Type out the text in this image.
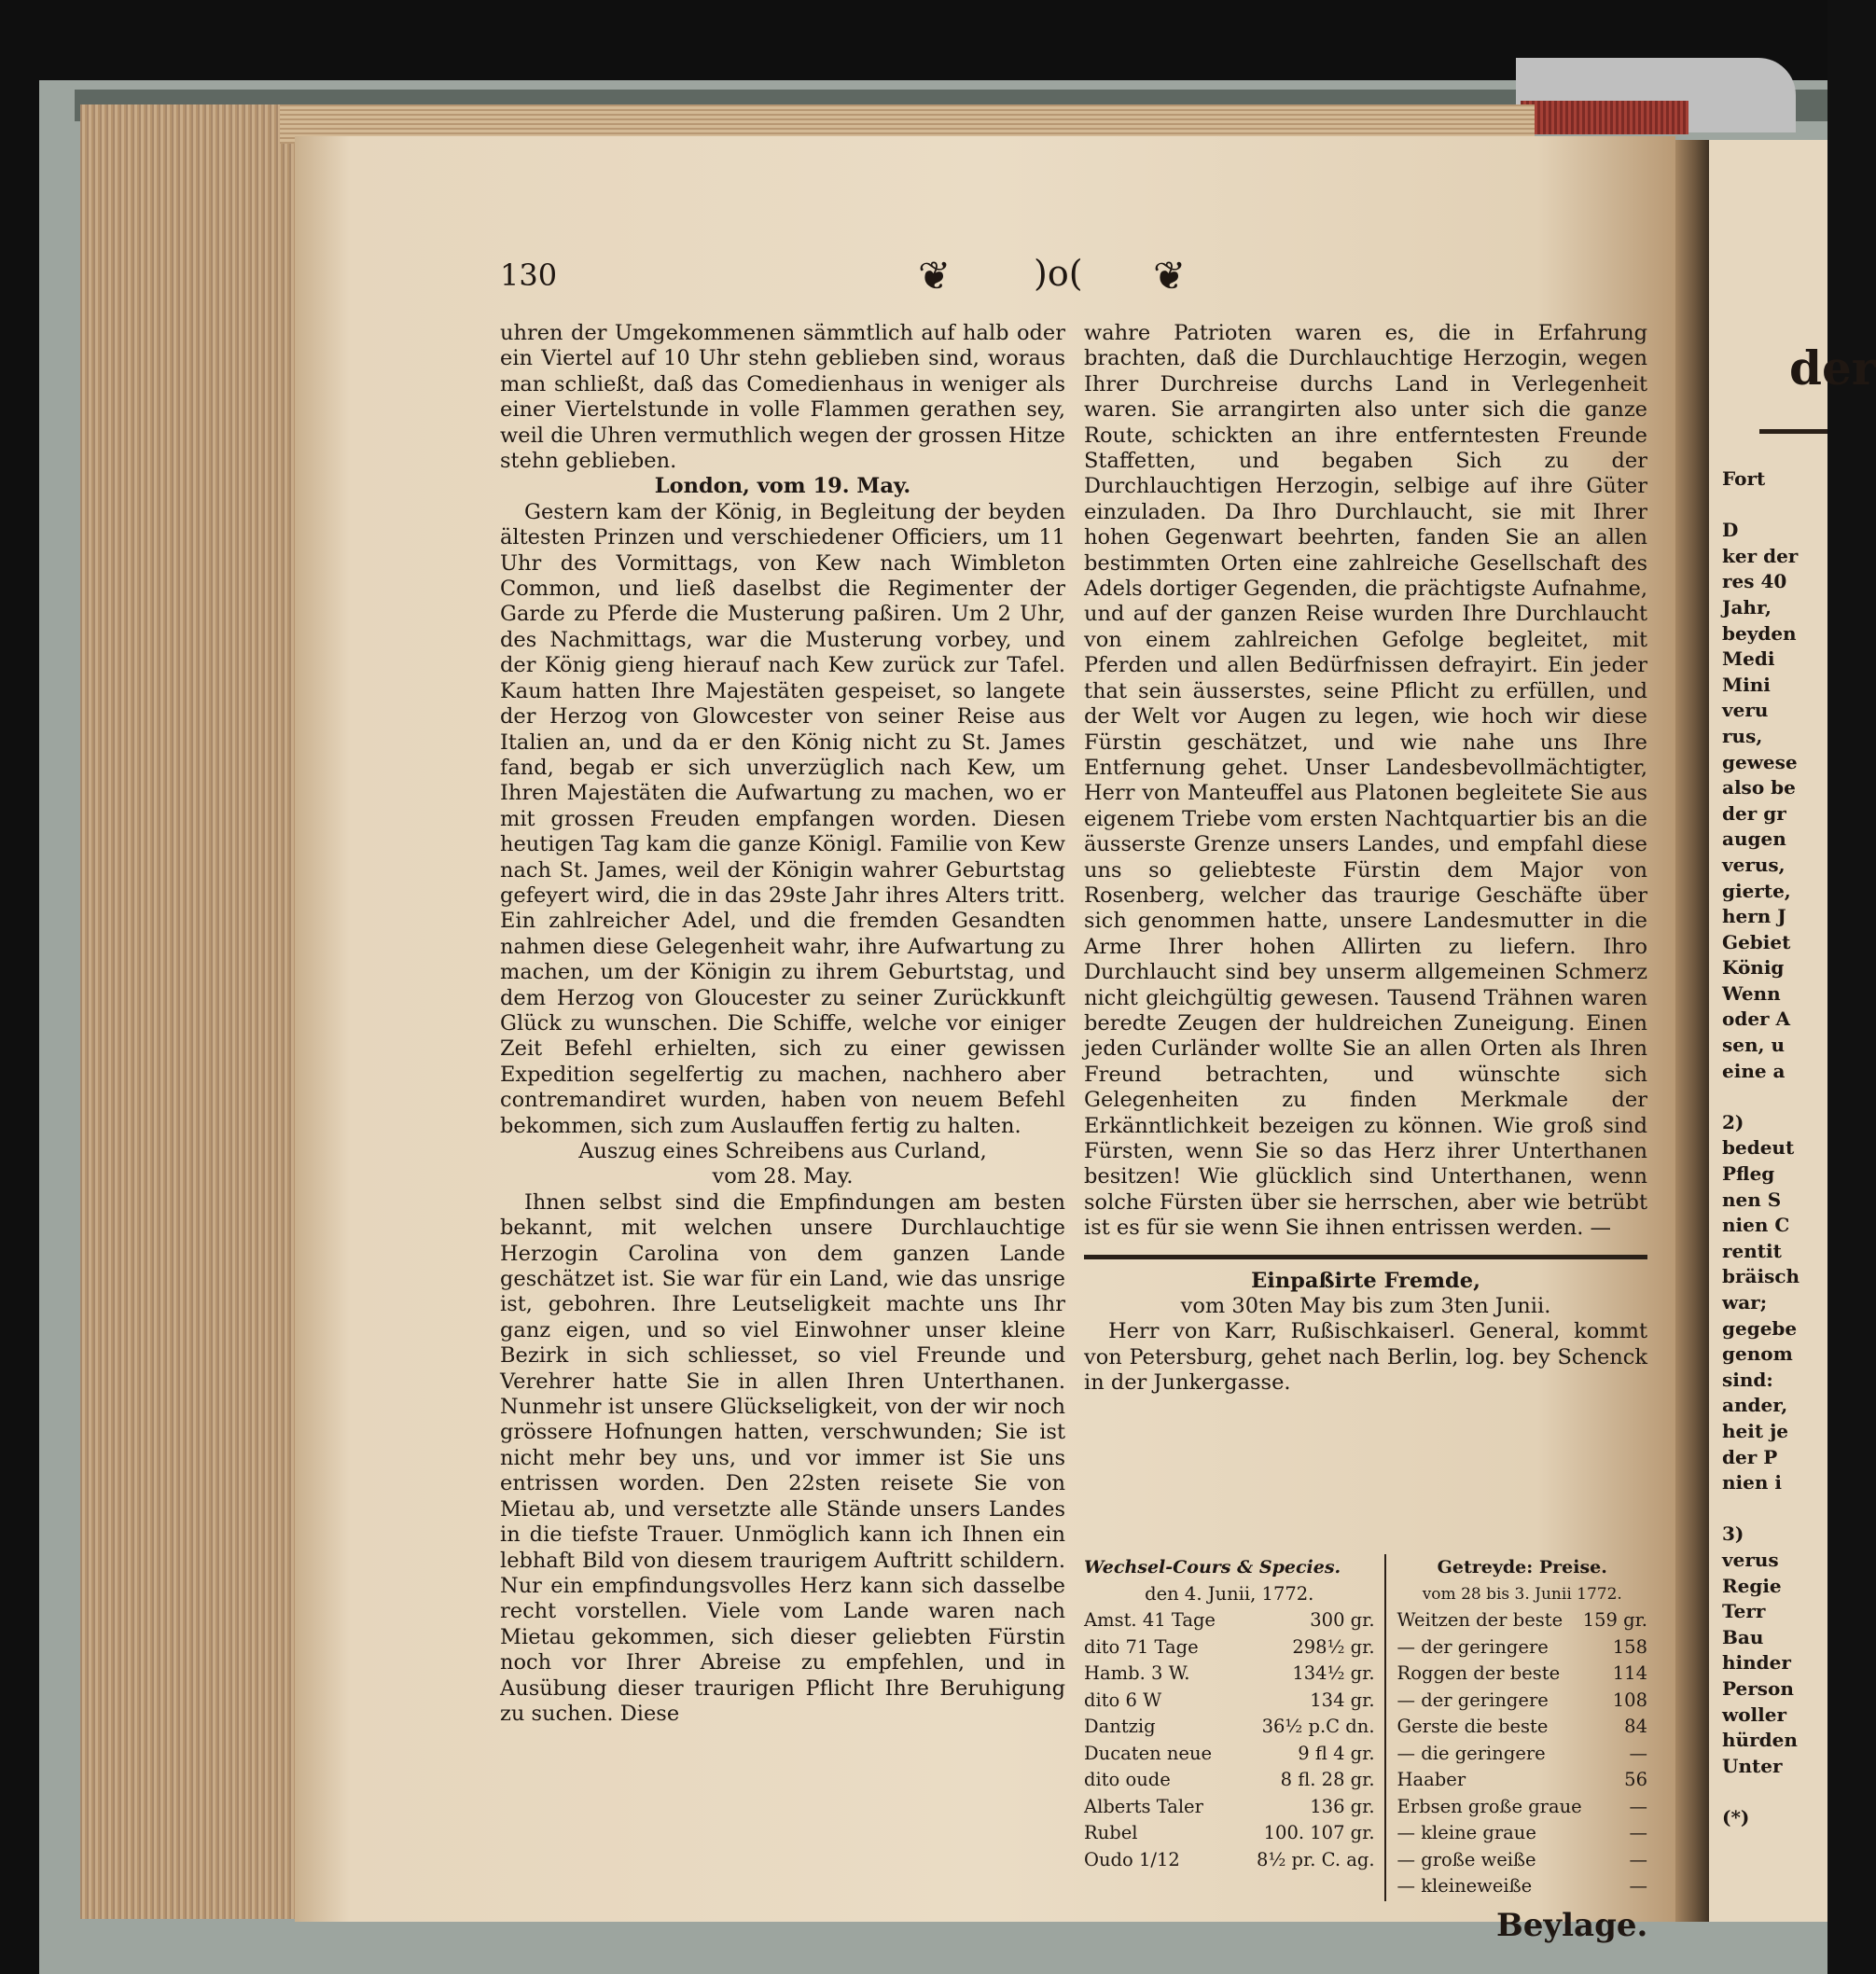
130	❦ )o( ❦

uhren der Umgekommenen sämmtlich auf halb oder ein Viertel auf 10 Uhr stehn geblieben sind, woraus man schließt, daß das Comedienhaus in weniger als einer Viertelstunde in volle Flammen gerathen sey, weil die Uhren vermuthlich wegen der grossen Hitze stehn geblieben.

London, vom 19. May.

Gestern kam der König, in Begleitung der beyden ältesten Prinzen und verschiedener Officiers, um 11 Uhr des Vormittags, von Kew nach Wimbleton Common, und ließ daselbst die Regimenter der Garde zu Pferde die Musterung paßiren. Um 2 Uhr, des Nachmittags, war die Musterung vorbey, und der König gieng hierauf nach Kew zurück zur Tafel. Kaum hatten Ihre Majestäten gespeiset, so langete der Herzog von Glowcester von seiner Reise aus Italien an, und da er den König nicht zu St. James fand, begab er sich unverzüglich nach Kew, um Ihren Majestäten die Aufwartung zu machen, wo er mit grossen Freuden empfangen worden. Diesen heutigen Tag kam die ganze Königl. Familie von Kew nach St. James, weil der Königin wahrer Geburtstag gefeyert wird, die in das 29ste Jahr ihres Alters tritt. Ein zahlreicher Adel, und die fremden Gesandten nahmen diese Gelegenheit wahr, ihre Aufwartung zu machen, um der Königin zu ihrem Geburtstag, und dem Herzog von Gloucester zu seiner Zurückkunft Glück zu wunschen. Die Schiffe, welche vor einiger Zeit Befehl erhielten, sich zu einer gewissen Expedition segelfertig zu machen, nachhero aber contremandiret wurden, haben von neuem Befehl bekommen, sich zum Auslauffen fertig zu halten.

Auszug eines Schreibens aus Curland,

vom 28. May.

Ihnen selbst sind die Empfindungen am besten bekannt, mit welchen unsere Durchlauchtige Herzogin Carolina von dem ganzen Lande geschätzet ist. Sie war für ein Land, wie das unsrige ist, gebohren. Ihre Leutseligkeit machte uns Ihr ganz eigen, und so viel Einwohner unser kleine Bezirk in sich schliesset, so viel Freunde und Verehrer hatte Sie in allen Ihren Unterthanen. Nunmehr ist unsere Glückseligkeit, von der wir noch grössere Hofnungen hatten, verschwunden; Sie ist nicht mehr bey uns, und vor immer ist Sie uns entrissen worden. Den 22sten reisete Sie von Mietau ab, und versetzte alle Stände unsers Landes in die tiefste Trauer. Unmöglich kann ich Ihnen ein lebhaft Bild von diesem traurigem Auftritt schildern. Nur ein empfindungsvolles Herz kann sich dasselbe recht vorstellen. Viele vom Lande waren nach Mietau gekommen, sich dieser geliebten Fürstin noch vor Ihrer Abreise zu empfehlen, und in Ausübung dieser traurigen Pflicht Ihre Beruhigung zu suchen. Diese

wahre Patrioten waren es, die in Erfahrung brachten, daß die Durchlauchtige Herzogin, wegen Ihrer Durchreise durchs Land in Verlegenheit waren. Sie arrangirten also unter sich die ganze Route, schickten an ihre entferntesten Freunde Staffetten, und begaben Sich zu der Durchlauchtigen Herzogin, selbige auf ihre Güter einzuladen. Da Ihro Durchlaucht, sie mit Ihrer hohen Gegenwart beehrten, fanden Sie an allen bestimmten Orten eine zahlreiche Gesellschaft des Adels dortiger Gegenden, die prächtigste Aufnahme, und auf der ganzen Reise wurden Ihre Durchlaucht von einem zahlreichen Gefolge begleitet, mit Pferden und allen Bedürfnissen defrayirt. Ein jeder that sein äusserstes, seine Pflicht zu erfüllen, und der Welt vor Augen zu legen, wie hoch wir diese Fürstin geschätzet, und wie nahe uns Ihre Entfernung gehet. Unser Landesbevollmächtigter, Herr von Manteuffel aus Platonen begleitete Sie aus eigenem Triebe vom ersten Nachtquartier bis an die äusserste Grenze unsers Landes, und empfahl diese uns so geliebteste Fürstin dem Major von Rosenberg, welcher das traurige Geschäfte über sich genommen hatte, unsere Landesmutter in die Arme Ihrer hohen Allirten zu liefern. Ihro Durchlaucht sind bey unserm allgemeinen Schmerz nicht gleichgültig gewesen. Tausend Trähnen waren beredte Zeugen der huldreichen Zuneigung. Einen jeden Curländer wollte Sie an allen Orten als Ihren Freund betrachten, und wünschte sich Gelegenheiten zu finden Merkmale der Erkänntlichkeit bezeigen zu können. Wie groß sind Fürsten, wenn Sie so das Herz ihrer Unterthanen besitzen! Wie glücklich sind Unterthanen, wenn solche Fürsten über sie herrschen, aber wie betrübt ist es für sie wenn Sie ihnen entrissen werden. —

Einpaßirte Fremde,

vom 30ten May bis zum 3ten Junii.

Herr von Karr, Rußischkaiserl. General, kommt von Petersburg, gehet nach Berlin, log. bey Schenck in der Junkergasse.

Wechsel-Cours & Species.
den 4. Junii, 1772.
Amst. 41 Tage	300 gr.
dito 71 Tage	298½ gr.
Hamb. 3 W.	134½ gr.
dito 6 W	134 gr.
Dantzig	36½ p.C dn.
Ducaten neue	9 fl 4 gr.
dito oude	8 fl. 28 gr.
Alberts Taler	136 gr.
Rubel	100. 107 gr.
Oudo 1/12	8½ pr. C. ag.
Getreyde: Preise.
vom 28 bis 3. Junii 1772.
Weitzen der beste 159 gr.
— der geringere	158
Roggen der beste	114
— der geringere	108
Gerste die beste	84
— die geringere	—
Haaber	56
Erbsen große graue	—
— kleine graue	—
— große weiße	—
— kleineweiße	—
Beylage.
der
Fort

D
ker der
res 40
Jahr,
beyden
Medi
Mini
veru
rus,
gewese
also be
der gr
augen
verus,
gierte,
hern J
Gebiet
König
Wenn
oder A
sen, u
eine a

2)
bedeut
Pfleg
nen S
nien C
rentit
bräisch
war;
gegebe
genom
sind:
ander,
heit je
der P
nien i

3)
verus
Regie
Terr
Bau
hinder
Person
woller
hürden
Unter

(*)
